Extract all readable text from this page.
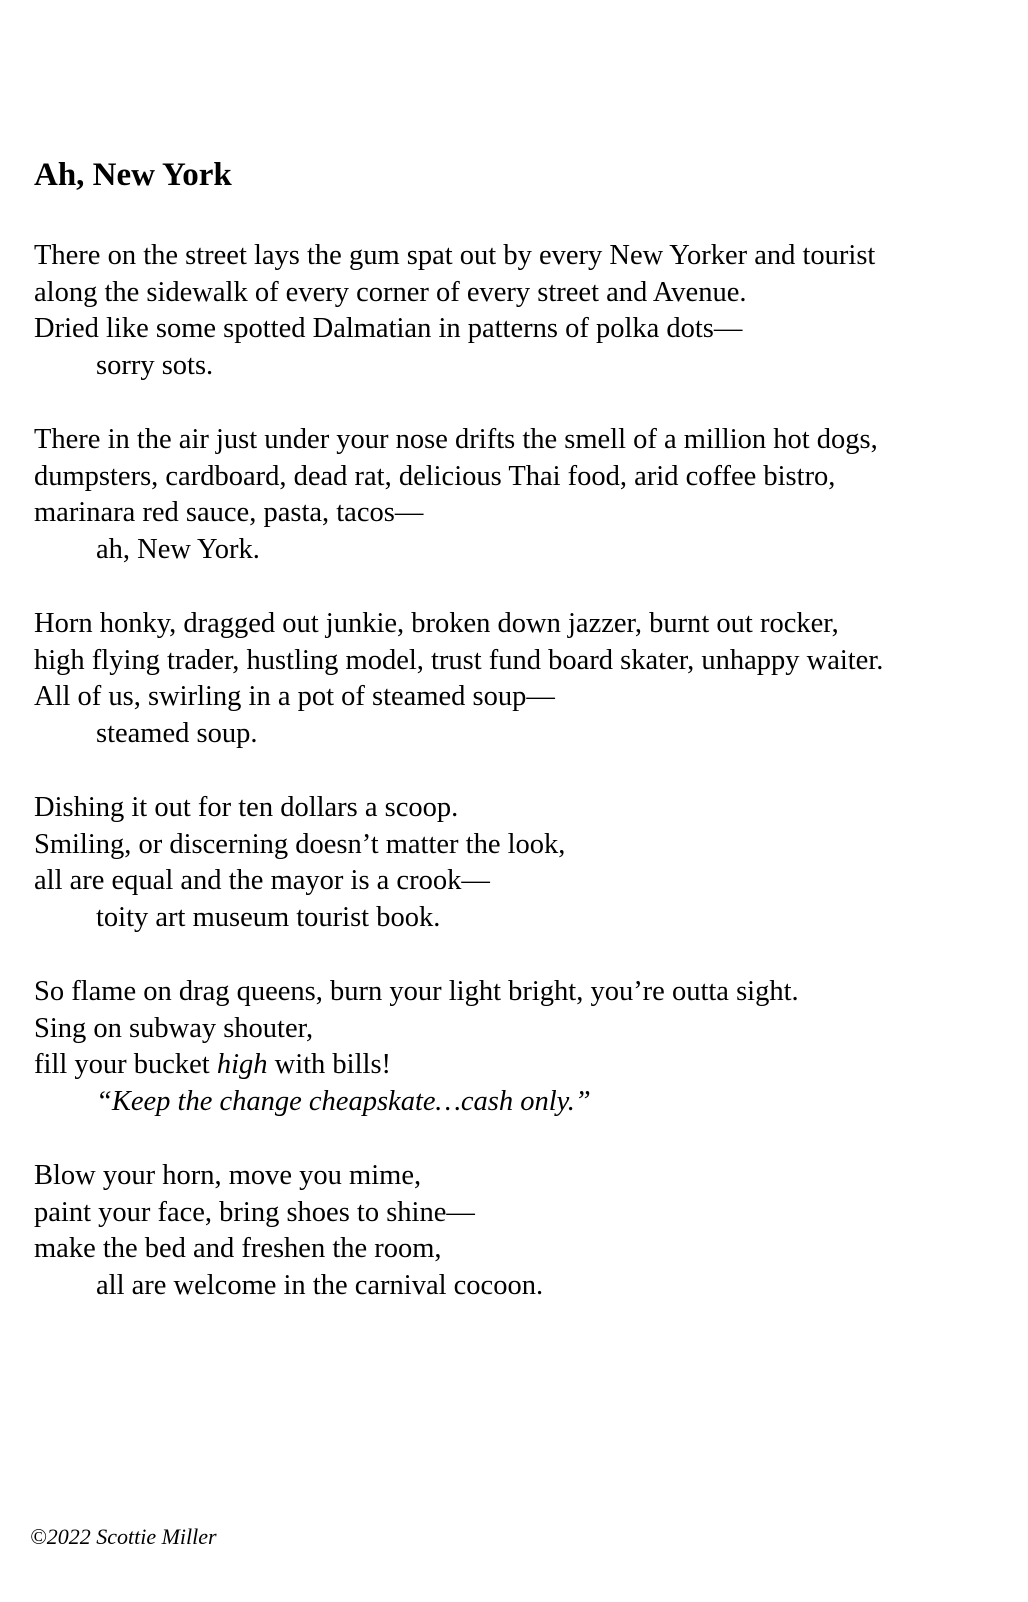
Ah, New York
There on the street lays the gum spat out by every New Yorker and tourist
along the sidewalk of every corner of every street and Avenue.
Dried like some spotted Dalmatian in patterns of polka dots—
sorry sots.
There in the air just under your nose drifts the smell of a million hot dogs,
dumpsters, cardboard, dead rat, delicious Thai food, arid coffee bistro,
marinara red sauce, pasta, tacos—
ah, New York.
Horn honky, dragged out junkie, broken down jazzer, burnt out rocker,
high flying trader, hustling model, trust fund board skater, unhappy waiter.
All of us, swirling in a pot of steamed soup—
steamed soup.
Dishing it out for ten dollars a scoop.
Smiling, or discerning doesn’t matter the look,
all are equal and the mayor is a crook—
toity art museum tourist book.
So flame on drag queens, burn your light bright, you’re outta sight.
Sing on subway shouter,
fill your bucket high with bills!
“Keep the change cheapskate…cash only.”
Blow your horn, move you mime,
paint your face, bring shoes to shine—
make the bed and freshen the room,
all are welcome in the carnival cocoon.
©2022 Scottie Miller
